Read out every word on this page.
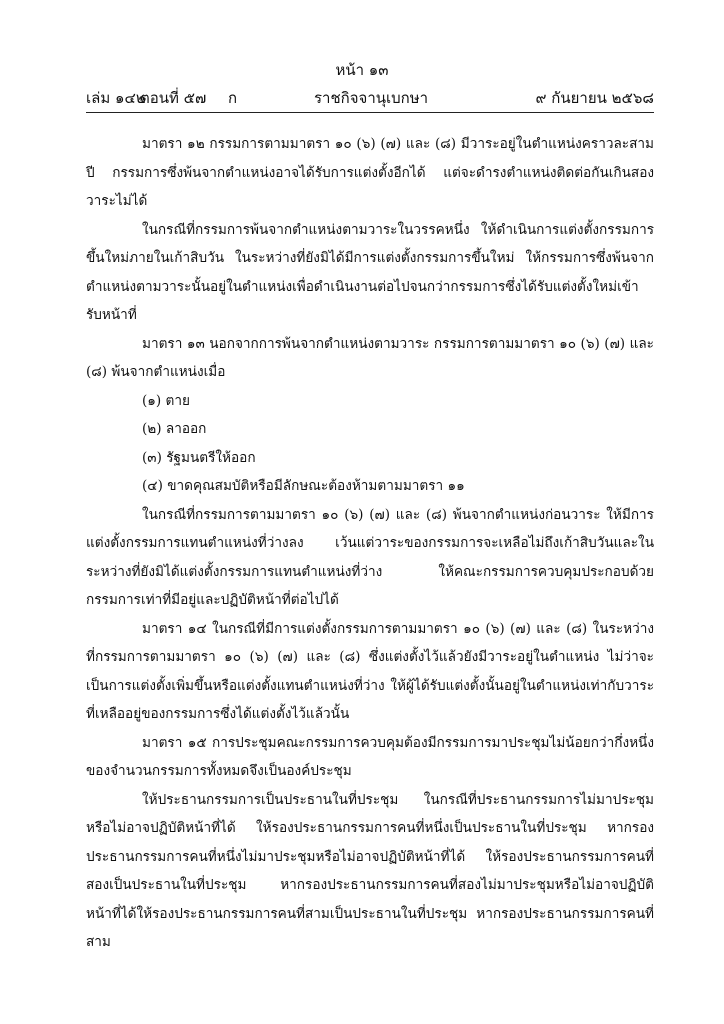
หน้า ๑๓
เล่ม ๑๔๒
ตอนที่ ๕๗ ก	ราชกิจจานุเบกษา	๙ กันยายน ๒๕๖๘

มาตรา ๑๒ กรรมการตามมาตรา ๑๐ (๖) (๗) และ (๘) มีวาระอยู่ในตำแหน่งคราวละสามปี กรรมการซึ่งพ้นจากตำแหน่งอาจได้รับการแต่งตั้งอีกได้ แต่จะดำรงตำแหน่งติดต่อกันเกินสองวาระไม่ได้

ในกรณีที่กรรมการพ้นจากตำแหน่งตามวาระในวรรคหนึ่ง ให้ดำเนินการแต่งตั้งกรรมการขึ้นใหม่ภายในเก้าสิบวัน ในระหว่างที่ยังมิได้มีการแต่งตั้งกรรมการขึ้นใหม่ ให้กรรมการซึ่งพ้นจากตำแหน่งตามวาระนั้นอยู่ในตำแหน่งเพื่อดำเนินงานต่อไปจนกว่ากรรมการซึ่งได้รับแต่งตั้งใหม่เข้ารับหน้าที่

มาตรา ๑๓ นอกจากการพ้นจากตำแหน่งตามวาระ กรรมการตามมาตรา ๑๐ (๖) (๗) และ (๘) พ้นจากตำแหน่งเมื่อ

(๑) ตาย

(๒) ลาออก

(๓) รัฐมนตรีให้ออก

(๔) ขาดคุณสมบัติหรือมีลักษณะต้องห้ามตามมาตรา ๑๑

ในกรณีที่กรรมการตามมาตรา ๑๐ (๖) (๗) และ (๘) พ้นจากตำแหน่งก่อนวาระ ให้มีการแต่งตั้งกรรมการแทนตำแหน่งที่ว่างลง เว้นแต่วาระของกรรมการจะเหลือไม่ถึงเก้าสิบวันและในระหว่างที่ยังมิได้แต่งตั้งกรรมการแทนตำแหน่งที่ว่าง ให้คณะกรรมการควบคุมประกอบด้วยกรรมการเท่าที่มีอยู่และปฏิบัติหน้าที่ต่อไปได้

มาตรา ๑๔ ในกรณีที่มีการแต่งตั้งกรรมการตามมาตรา ๑๐ (๖) (๗) และ (๘) ในระหว่างที่กรรมการตามมาตรา ๑๐ (๖) (๗) และ (๘) ซึ่งแต่งตั้งไว้แล้วยังมีวาระอยู่ในตำแหน่ง ไม่ว่าจะเป็นการแต่งตั้งเพิ่มขึ้นหรือแต่งตั้งแทนตำแหน่งที่ว่าง ให้ผู้ได้รับแต่งตั้งนั้นอยู่ในตำแหน่งเท่ากับวาระที่เหลืออยู่ของกรรมการซึ่งได้แต่งตั้งไว้แล้วนั้น

มาตรา ๑๕ การประชุมคณะกรรมการควบคุมต้องมีกรรมการมาประชุมไม่น้อยกว่ากึ่งหนึ่งของจำนวนกรรมการทั้งหมดจึงเป็นองค์ประชุม

ให้ประธานกรรมการเป็นประธานในที่ประชุม ในกรณีที่ประธานกรรมการไม่มาประชุมหรือไม่อาจปฏิบัติหน้าที่ได้ ให้รองประธานกรรมการคนที่หนึ่งเป็นประธานในที่ประชุม หากรองประธานกรรมการคนที่หนึ่งไม่มาประชุมหรือไม่อาจปฏิบัติหน้าที่ได้ ให้รองประธานกรรมการคนที่สองเป็นประธานในที่ประชุม หากรองประธานกรรมการคนที่สองไม่มาประชุมหรือไม่อาจปฏิบัติหน้าที่ได้ให้รองประธานกรรมการคนที่สามเป็นประธานในที่ประชุม หากรองประธานกรรมการคนที่สาม
